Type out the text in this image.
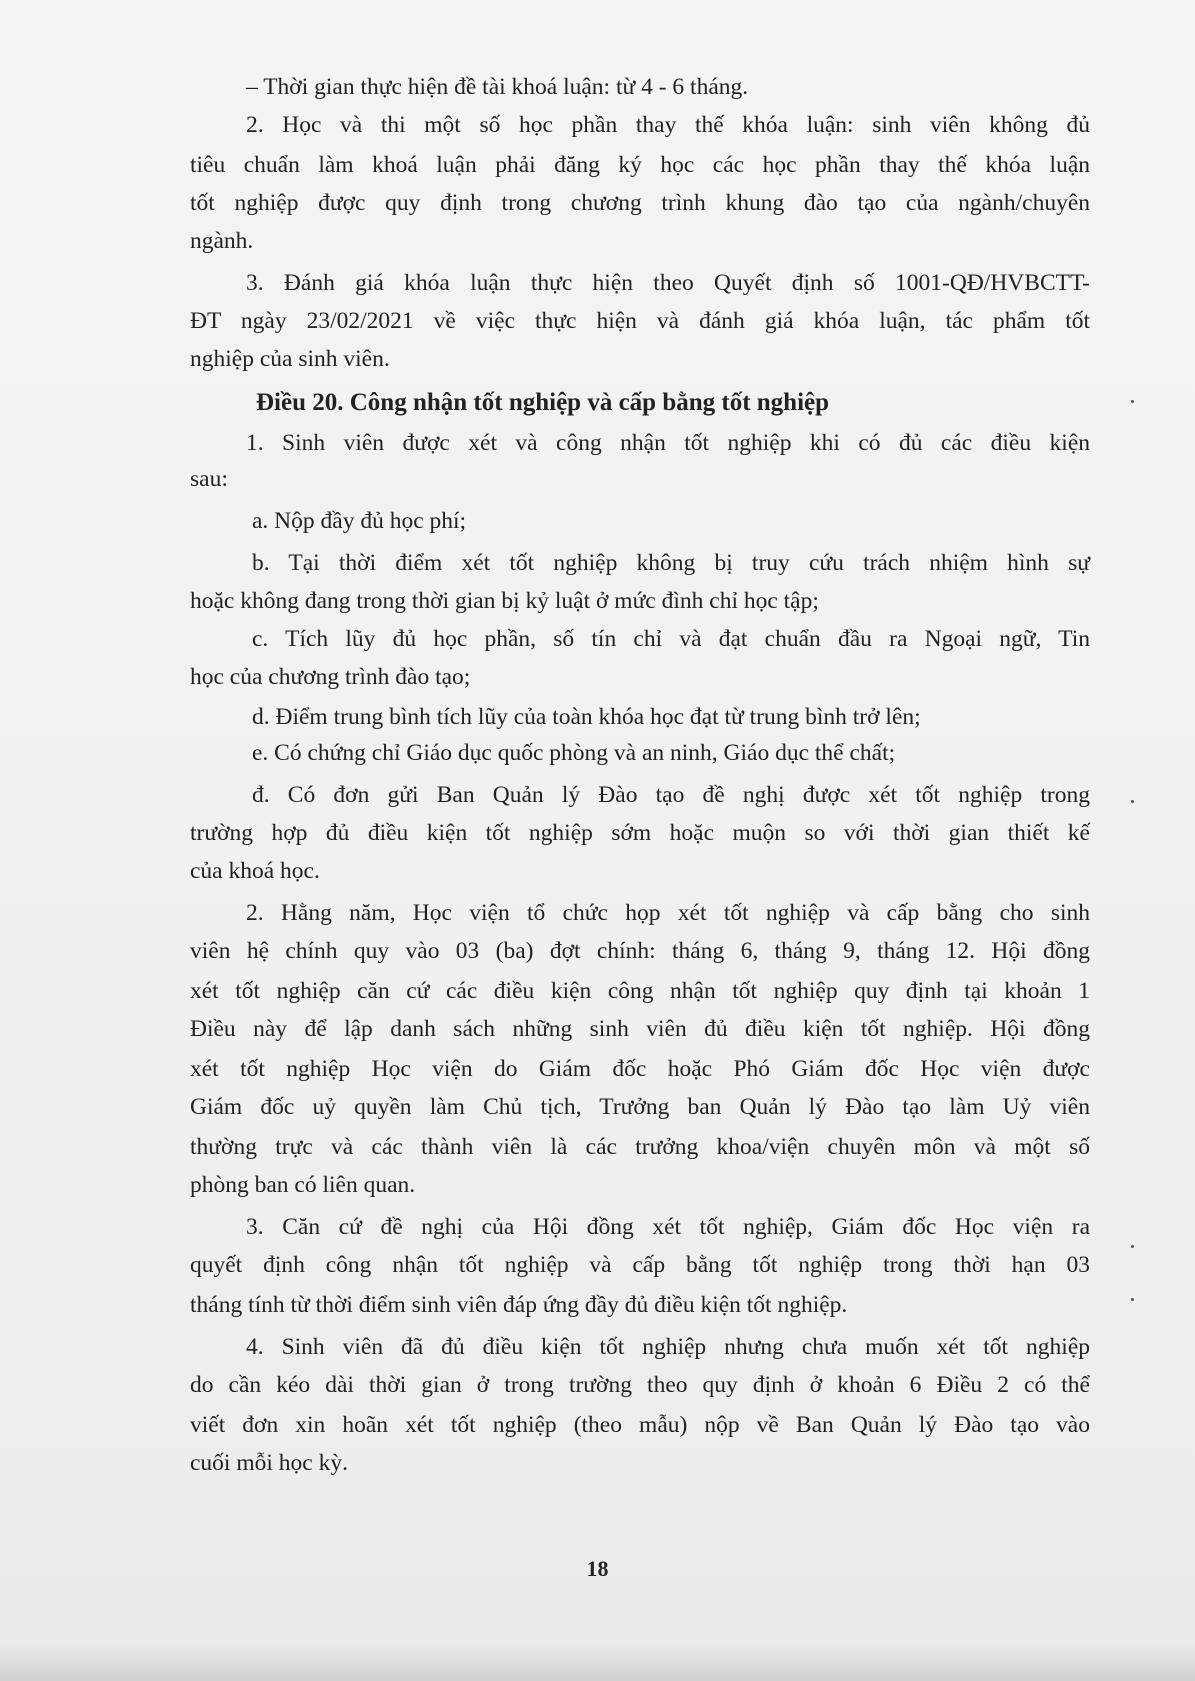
– Thời gian thực hiện đề tài khoá luận: từ 4 - 6 tháng.
2. Học và thi một số học phần thay thế khóa luận: sinh viên không đủ
tiêu chuẩn làm khoá luận phải đăng ký học các học phần thay thế khóa luận
tốt nghiệp được quy định trong chương trình khung đào tạo của ngành/chuyên
ngành.
3. Đánh giá khóa luận thực hiện theo Quyết định số 1001-QĐ/HVBCTT-
ĐT ngày 23/02/2021 về việc thực hiện và đánh giá khóa luận, tác phẩm tốt
nghiệp của sinh viên.
Điều 20. Công nhận tốt nghiệp và cấp bằng tốt nghiệp
1. Sinh viên được xét và công nhận tốt nghiệp khi có đủ các điều kiện
sau:
a. Nộp đầy đủ học phí;
b. Tại thời điểm xét tốt nghiệp không bị truy cứu trách nhiệm hình sự
hoặc không đang trong thời gian bị kỷ luật ở mức đình chỉ học tập;
c. Tích lũy đủ học phần, số tín chỉ và đạt chuẩn đầu ra Ngoại ngữ, Tin
học của chương trình đào tạo;
d. Điểm trung bình tích lũy của toàn khóa học đạt từ trung bình trở lên;
e. Có chứng chỉ Giáo dục quốc phòng và an ninh, Giáo dục thể chất;
đ. Có đơn gửi Ban Quản lý Đào tạo đề nghị được xét tốt nghiệp trong
trường hợp đủ điều kiện tốt nghiệp sớm hoặc muộn so với thời gian thiết kế
của khoá học.
2. Hằng năm, Học viện tổ chức họp xét tốt nghiệp và cấp bằng cho sinh
viên hệ chính quy vào 03 (ba) đợt chính: tháng 6, tháng 9, tháng 12. Hội đồng
xét tốt nghiệp căn cứ các điều kiện công nhận tốt nghiệp quy định tại khoản 1
Điều này để lập danh sách những sinh viên đủ điều kiện tốt nghiệp. Hội đồng
xét tốt nghiệp Học viện do Giám đốc hoặc Phó Giám đốc Học viện được
Giám đốc uỷ quyền làm Chủ tịch, Trưởng ban Quản lý Đào tạo làm Uỷ viên
thường trực và các thành viên là các trưởng khoa/viện chuyên môn và một số
phòng ban có liên quan.
3. Căn cứ đề nghị của Hội đồng xét tốt nghiệp, Giám đốc Học viện ra
quyết định công nhận tốt nghiệp và cấp bằng tốt nghiệp trong thời hạn 03
tháng tính từ thời điểm sinh viên đáp ứng đầy đủ điều kiện tốt nghiệp.
4. Sinh viên đã đủ điều kiện tốt nghiệp nhưng chưa muốn xét tốt nghiệp
do cần kéo dài thời gian ở trong trường theo quy định ở khoản 6 Điều 2 có thể
viết đơn xin hoãn xét tốt nghiệp (theo mẫu) nộp về Ban Quản lý Đào tạo vào
cuối mỗi học kỳ.
18
